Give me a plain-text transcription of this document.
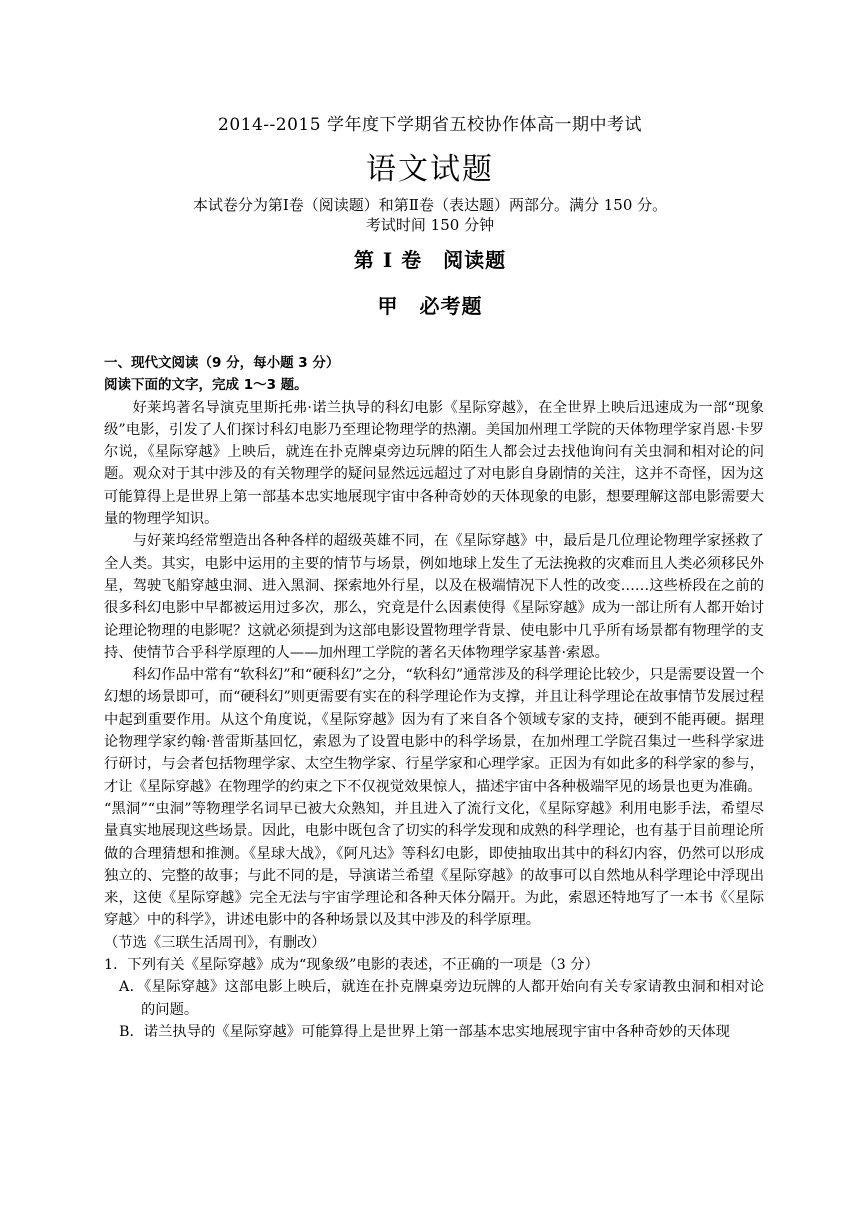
2014--2015 学年度下学期省五校协作体高一期中考试
语文试题
本试卷分为第Ⅰ卷（阅读题）和第Ⅱ卷（表达题）两部分。满分 150 分。
考试时间 150 分钟
第 I 卷　阅读题
甲　必考题

一、现代文阅读（9 分，每小题 3 分）

阅读下面的文字，完成 1～3 题。

好莱坞著名导演克里斯托弗·诺兰执导的科幻电影《星际穿越》，在全世界上映后迅速成为一部“现象级”电影，引发了人们探讨科幻电影乃至理论物理学的热潮。美国加州理工学院的天体物理学家肖恩·卡罗尔说，《星际穿越》上映后，就连在扑克牌桌旁边玩牌的陌生人都会过去找他询问有关虫洞和相对论的问题。观众对于其中涉及的有关物理学的疑问显然远远超过了对电影自身剧情的关注，这并不奇怪，因为这可能算得上是世界上第一部基本忠实地展现宇宙中各种奇妙的天体现象的电影，想要理解这部电影需要大量的物理学知识。

与好莱坞经常塑造出各种各样的超级英雄不同，在《星际穿越》中，最后是几位理论物理学家拯救了全人类。其实，电影中运用的主要的情节与场景，例如地球上发生了无法挽救的灾难而且人类必须移民外星，驾驶飞船穿越虫洞、进入黑洞、探索地外行星，以及在极端情况下人性的改变……这些桥段在之前的很多科幻电影中早都被运用过多次，那么，究竟是什么因素使得《星际穿越》成为一部让所有人都开始讨论理论物理的电影呢？这就必须提到为这部电影设置物理学背景、使电影中几乎所有场景都有物理学的支持、使情节合乎科学原理的人——加州理工学院的著名天体物理学家基普·索恩。

科幻作品中常有“软科幻”和“硬科幻”之分，“软科幻”通常涉及的科学理论比较少，只是需要设置一个幻想的场景即可，而“硬科幻”则更需要有实在的科学理论作为支撑，并且让科学理论在故事情节发展过程中起到重要作用。从这个角度说，《星际穿越》因为有了来自各个领域专家的支持，硬到不能再硬。据理论物理学家约翰·普雷斯基回忆，索恩为了设置电影中的科学场景，在加州理工学院召集过一些科学家进行研讨，与会者包括物理学家、太空生物学家、行星学家和心理学家。正因为有如此多的科学家的参与，才让《星际穿越》在物理学的约束之下不仅视觉效果惊人，描述宇宙中各种极端罕见的场景也更为准确。

“黑洞”“虫洞”等物理学名词早已被大众熟知，并且进入了流行文化，《星际穿越》利用电影手法，希望尽量真实地展现这些场景。因此，电影中既包含了切实的科学发现和成熟的科学理论，也有基于目前理论所做的合理猜想和推测。《星球大战》，《阿凡达》等科幻电影，即使抽取出其中的科幻内容，仍然可以形成独立的、完整的故事；与此不同的是，导演诺兰希望《星际穿越》的故事可以自然地从科学理论中浮现出来，这使《星际穿越》完全无法与宇宙学理论和各种天体分隔开。为此，索恩还特地写了一本书《〈星际穿越〉中的科学》，讲述电影中的各种场景以及其中涉及的科学原理。

（节选《三联生活周刊》，有删改）

1．下列有关《星际穿越》成为“现象级”电影的表述，不正确的一项是（3 分）

A．《星际穿越》这部电影上映后，就连在扑克牌桌旁边玩牌的人都开始向有关专家请教虫洞和相对论的问题。

B．诺兰执导的《星际穿越》可能算得上是世界上第一部基本忠实地展现宇宙中各种奇妙的天体现
